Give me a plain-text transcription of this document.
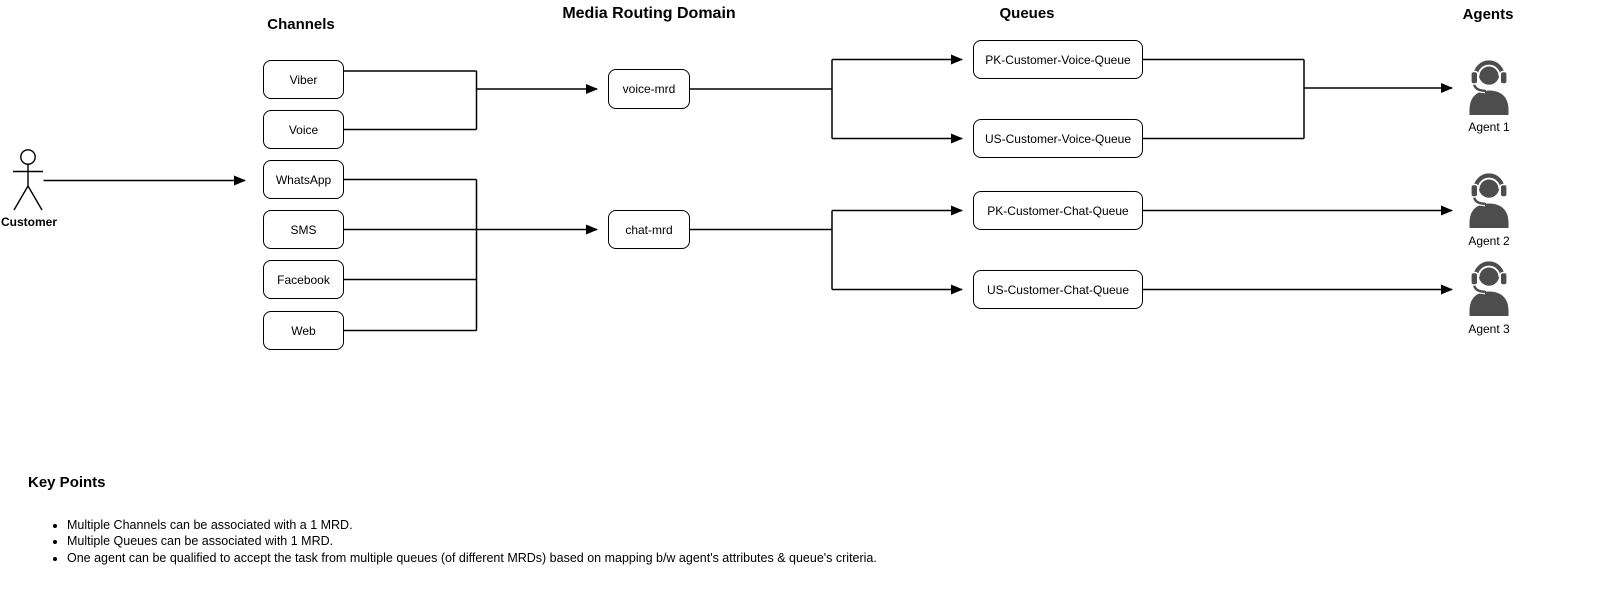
Channels
Media Routing Domain	Queues	Agents
Customer
Viber
Voice
WhatsApp
SMS
Facebook
Web
voice-mrd
chat-mrd
PK-Customer-Voice-Queue
US-Customer-Voice-Queue
PK-Customer-Chat-Queue
US-Customer-Chat-Queue
Agent 1
Agent 2
Agent 3
Key Points
• Multiple Channels can be associated with a 1 MRD.
• Multiple Queues can be associated with 1 MRD.
• One agent can be qualified to accept the task from multiple queues (of different MRDs) based on mapping b/w agent's attributes & queue's criteria.
